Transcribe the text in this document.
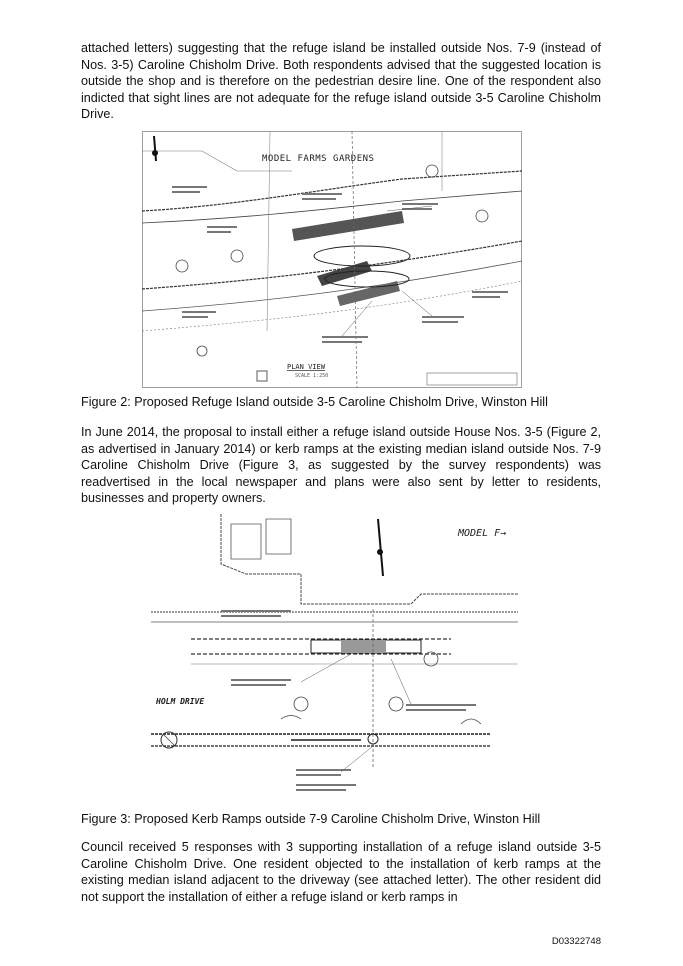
attached letters) suggesting that the refuge island be installed outside Nos. 7-9 (instead of Nos. 3-5) Caroline Chisholm Drive. Both respondents advised that the suggested location is outside the shop and is therefore on the pedestrian desire line. One of the respondent also indicted that sight lines are not adequate for the refuge island outside 3-5 Caroline Chisholm Drive.

MODEL FARMS GARDENS
PLAN VIEW
SCALE 1:250

Figure 2: Proposed Refuge Island outside 3-5 Caroline Chisholm Drive, Winston Hill

In June 2014, the proposal to install either a refuge island outside House Nos. 3-5 (Figure 2, as advertised in January 2014) or kerb ramps at the existing median island outside Nos. 7-9 Caroline Chisholm Drive (Figure 3, as suggested by the survey respondents) was readvertised in the local newspaper and plans were also sent by letter to residents, businesses and property owners.

MODEL F→
HOLM DRIVE

Figure 3: Proposed Kerb Ramps outside 7-9 Caroline Chisholm Drive, Winston Hill

Council received 5 responses with 3 supporting installation of a refuge island outside 3-5 Caroline Chisholm Drive. One resident objected to the installation of kerb ramps at the existing median island adjacent to the driveway (see attached letter). The other resident did not support the installation of either a refuge island or kerb ramps in

D03322748
